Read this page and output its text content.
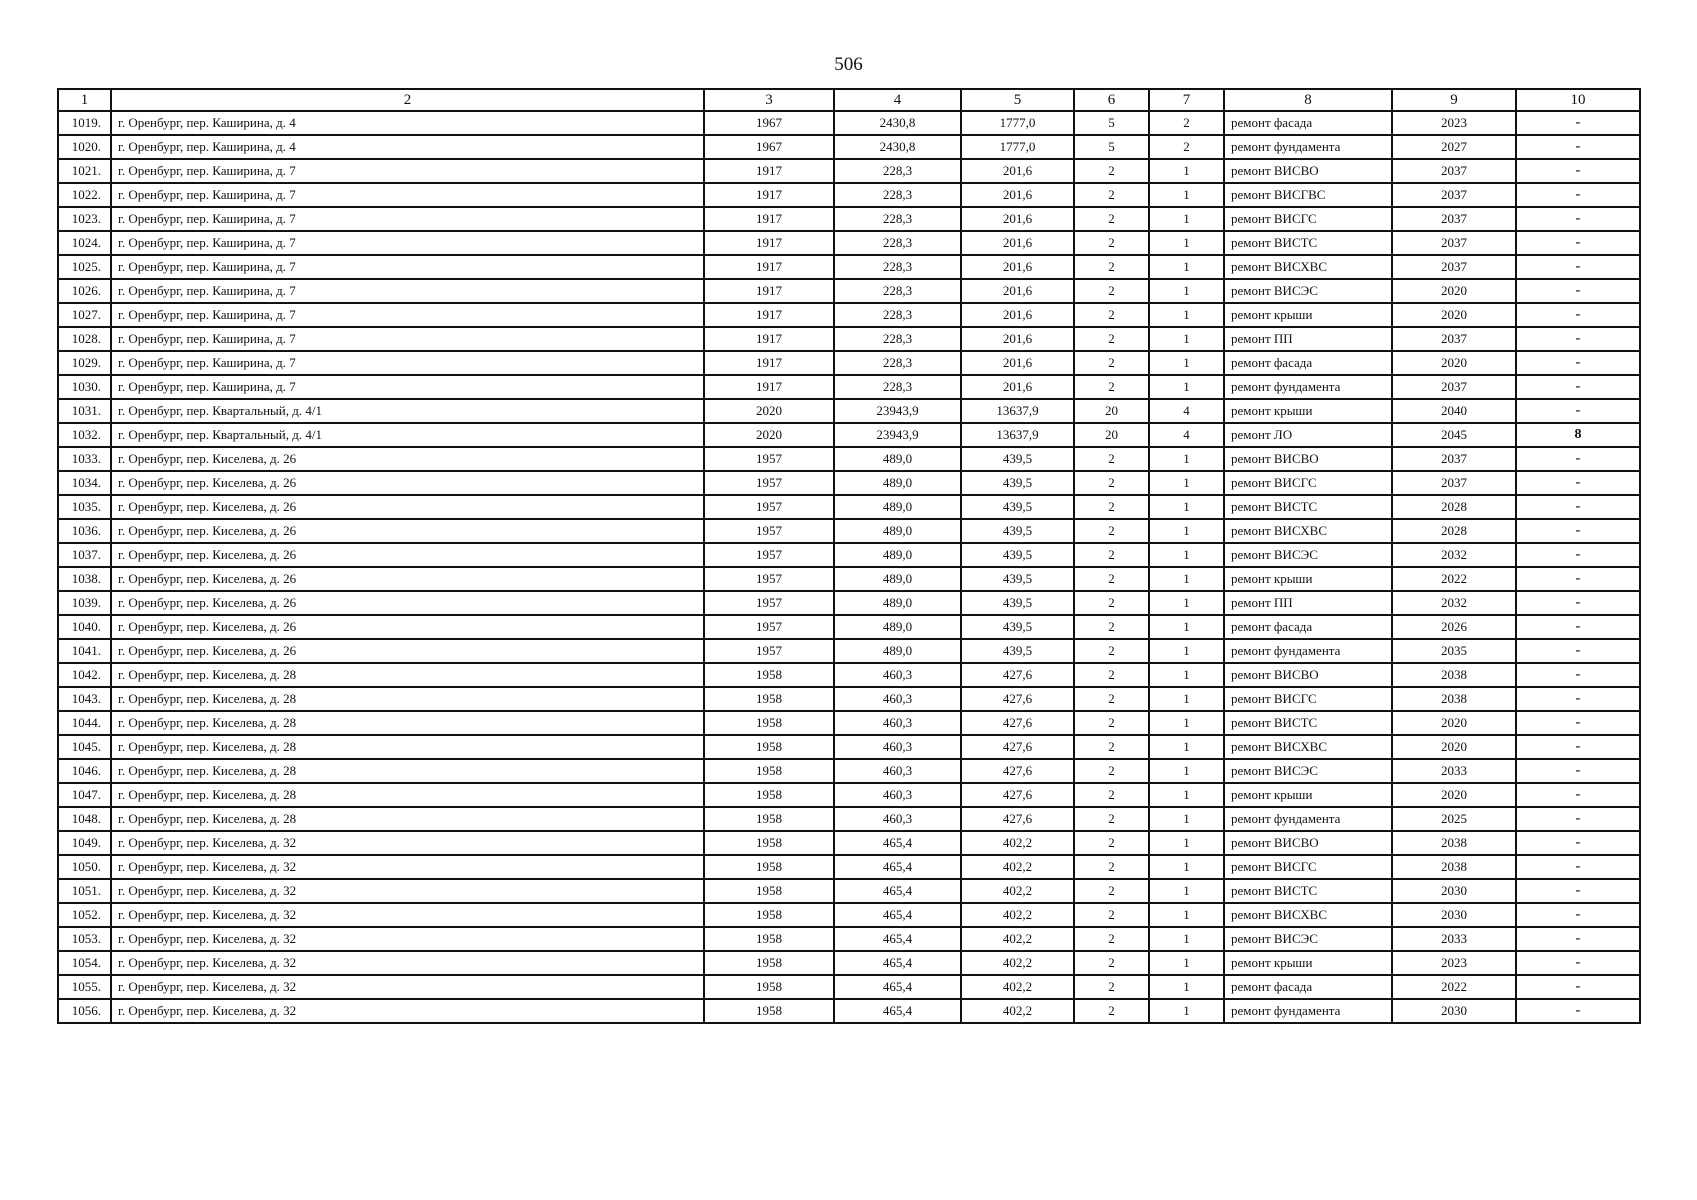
506
1	2	3	4	5	6	7	8	9	10
1019.	г. Оренбург, пер. Каширина, д. 4	1967	2430,8	1777,0	5	2	ремонт фасада	2023	-
1020.	г. Оренбург, пер. Каширина, д. 4	1967	2430,8	1777,0	5	2	ремонт фундамента	2027	-
1021.	г. Оренбург, пер. Каширина, д. 7	1917	228,3	201,6	2	1	ремонт ВИСВО	2037	-
1022.	г. Оренбург, пер. Каширина, д. 7	1917	228,3	201,6	2	1	ремонт ВИСГВС	2037	-
1023.	г. Оренбург, пер. Каширина, д. 7	1917	228,3	201,6	2	1	ремонт ВИСГС	2037	-
1024.	г. Оренбург, пер. Каширина, д. 7	1917	228,3	201,6	2	1	ремонт ВИСТС	2037	-
1025.	г. Оренбург, пер. Каширина, д. 7	1917	228,3	201,6	2	1	ремонт ВИСХВС	2037	-
1026.	г. Оренбург, пер. Каширина, д. 7	1917	228,3	201,6	2	1	ремонт ВИСЭС	2020	-
1027.	г. Оренбург, пер. Каширина, д. 7	1917	228,3	201,6	2	1	ремонт крыши	2020	-
1028.	г. Оренбург, пер. Каширина, д. 7	1917	228,3	201,6	2	1	ремонт ПП	2037	-
1029.	г. Оренбург, пер. Каширина, д. 7	1917	228,3	201,6	2	1	ремонт фасада	2020	-
1030.	г. Оренбург, пер. Каширина, д. 7	1917	228,3	201,6	2	1	ремонт фундамента	2037	-
1031.	г. Оренбург, пер. Квартальный, д. 4/1	2020	23943,9	13637,9	20	4	ремонт крыши	2040	-
1032.	г. Оренбург, пер. Квартальный, д. 4/1	2020	23943,9	13637,9	20	4	ремонт ЛО	2045	8
1033.	г. Оренбург, пер. Киселева, д. 26	1957	489,0	439,5	2	1	ремонт ВИСВО	2037	-
1034.	г. Оренбург, пер. Киселева, д. 26	1957	489,0	439,5	2	1	ремонт ВИСГС	2037	-
1035.	г. Оренбург, пер. Киселева, д. 26	1957	489,0	439,5	2	1	ремонт ВИСТС	2028	-
1036.	г. Оренбург, пер. Киселева, д. 26	1957	489,0	439,5	2	1	ремонт ВИСХВС	2028	-
1037.	г. Оренбург, пер. Киселева, д. 26	1957	489,0	439,5	2	1	ремонт ВИСЭС	2032	-
1038.	г. Оренбург, пер. Киселева, д. 26	1957	489,0	439,5	2	1	ремонт крыши	2022	-
1039.	г. Оренбург, пер. Киселева, д. 26	1957	489,0	439,5	2	1	ремонт ПП	2032	-
1040.	г. Оренбург, пер. Киселева, д. 26	1957	489,0	439,5	2	1	ремонт фасада	2026	-
1041.	г. Оренбург, пер. Киселева, д. 26	1957	489,0	439,5	2	1	ремонт фундамента	2035	-
1042.	г. Оренбург, пер. Киселева, д. 28	1958	460,3	427,6	2	1	ремонт ВИСВО	2038	-
1043.	г. Оренбург, пер. Киселева, д. 28	1958	460,3	427,6	2	1	ремонт ВИСГС	2038	-
1044.	г. Оренбург, пер. Киселева, д. 28	1958	460,3	427,6	2	1	ремонт ВИСТС	2020	-
1045.	г. Оренбург, пер. Киселева, д. 28	1958	460,3	427,6	2	1	ремонт ВИСХВС	2020	-
1046.	г. Оренбург, пер. Киселева, д. 28	1958	460,3	427,6	2	1	ремонт ВИСЭС	2033	-
1047.	г. Оренбург, пер. Киселева, д. 28	1958	460,3	427,6	2	1	ремонт крыши	2020	-
1048.	г. Оренбург, пер. Киселева, д. 28	1958	460,3	427,6	2	1	ремонт фундамента	2025	-
1049.	г. Оренбург, пер. Киселева, д. 32	1958	465,4	402,2	2	1	ремонт ВИСВО	2038	-
1050.	г. Оренбург, пер. Киселева, д. 32	1958	465,4	402,2	2	1	ремонт ВИСГС	2038	-
1051.	г. Оренбург, пер. Киселева, д. 32	1958	465,4	402,2	2	1	ремонт ВИСТС	2030	-
1052.	г. Оренбург, пер. Киселева, д. 32	1958	465,4	402,2	2	1	ремонт ВИСХВС	2030	-
1053.	г. Оренбург, пер. Киселева, д. 32	1958	465,4	402,2	2	1	ремонт ВИСЭС	2033	-
1054.	г. Оренбург, пер. Киселева, д. 32	1958	465,4	402,2	2	1	ремонт крыши	2023	-
1055.	г. Оренбург, пер. Киселева, д. 32	1958	465,4	402,2	2	1	ремонт фасада	2022	-
1056.	г. Оренбург, пер. Киселева, д. 32	1958	465,4	402,2	2	1	ремонт фундамента	2030	-
